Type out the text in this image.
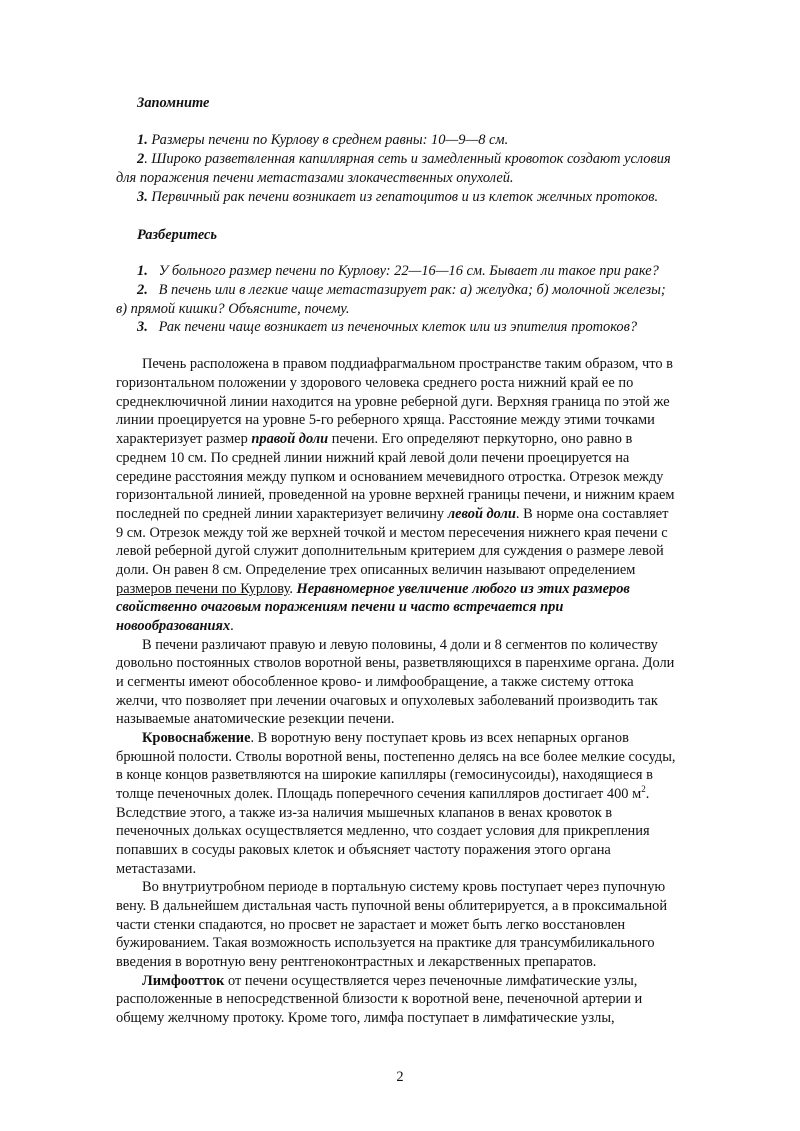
Запомните
1. Размеры печени по Курлову в среднем равны: 10—9—8 см.
2. Широко разветвленная капиллярная сеть и замедленный кровоток создают условия
для поражения печени метастазами злокачественных опухолей.
3. Первичный рак печени возникает из гепатоцитов и из клеток желчных протоков.
Разберитесь
1. У больного размер печени по Курлову: 22—16—16 см. Бывает ли такое при раке?
2. В печень или в легкие чаще метастазирует рак: а) желудка; б) молочной железы;
в) прямой кишки? Объясните, почему.
3. Рак печени чаще возникает из печеночных клеток или из эпителия протоков?
Печень расположена в правом поддиафрагмальном пространстве таким образом, что в
горизонтальном положении у здорового человека среднего роста нижний край ее по
среднеключичной линии находится на уровне реберной дуги. Верхняя граница по этой же
линии проецируется на уровне 5-го реберного хряща. Расстояние между этими точками
характеризует размер правой доли печени. Его определяют перкуторно, оно равно в
среднем 10 см. По средней линии нижний край левой доли печени проецируется на
середине расстояния между пупком и основанием мечевидного отростка. Отрезок между
горизонтальной линией, проведенной на уровне верхней границы печени, и нижним краем
последней по средней линии характеризует величину левой доли. В норме она составляет
9 см. Отрезок между той же верхней точкой и местом пересечения нижнего края печени с
левой реберной дугой служит дополнительным критерием для суждения о размере левой
доли. Он равен 8 см. Определение трех описанных величин называют определением
размеров печени по Курлову. Неравномерное увеличение любого из этих размеров
свойственно очаговым поражениям печени и часто встречается при
новообразованиях.
В печени различают правую и левую половины, 4 доли и 8 сегментов по количеству
довольно постоянных стволов воротной вены, разветвляющихся в паренхиме органа. Доли
и сегменты имеют обособленное крово- и лимфообращение, а также систему оттока
желчи, что позволяет при лечении очаговых и опухолевых заболеваний производить так
называемые анатомические резекции печени.
Кровоснабжение. В воротную вену поступает кровь из всех непарных органов
брюшной полости. Стволы воротной вены, постепенно делясь на все более мелкие сосуды,
в конце концов разветвляются на широкие капилляры (гемосинусоиды), находящиеся в
толще печеночных долек. Площадь поперечного сечения капилляров достигает 400 $м^2$.
Вследствие этого, а также из-за наличия мышечных клапанов в венах кровоток в
печеночных дольках осуществляется медленно, что создает условия для прикрепления
попавших в сосуды раковых клеток и объясняет частоту поражения этого органа
метастазами.
Во внутриутробном периоде в портальную систему кровь поступает через пупочную
вену. В дальнейшем дистальная часть пупочной вены облитерируется, а в проксимальной
части стенки спадаются, но просвет не зарастает и может быть легко восстановлен
бужированием. Такая возможность используется на практике для трансумбиликального
введения в воротную вену рентгеноконтрастных и лекарственных препаратов.
Лимфоотток от печени осуществляется через печеночные лимфатические узлы,
расположенные в непосредственной близости к воротной вене, печеночной артерии и
общему желчному протоку. Кроме того, лимфа поступает в лимфатические узлы,
2
